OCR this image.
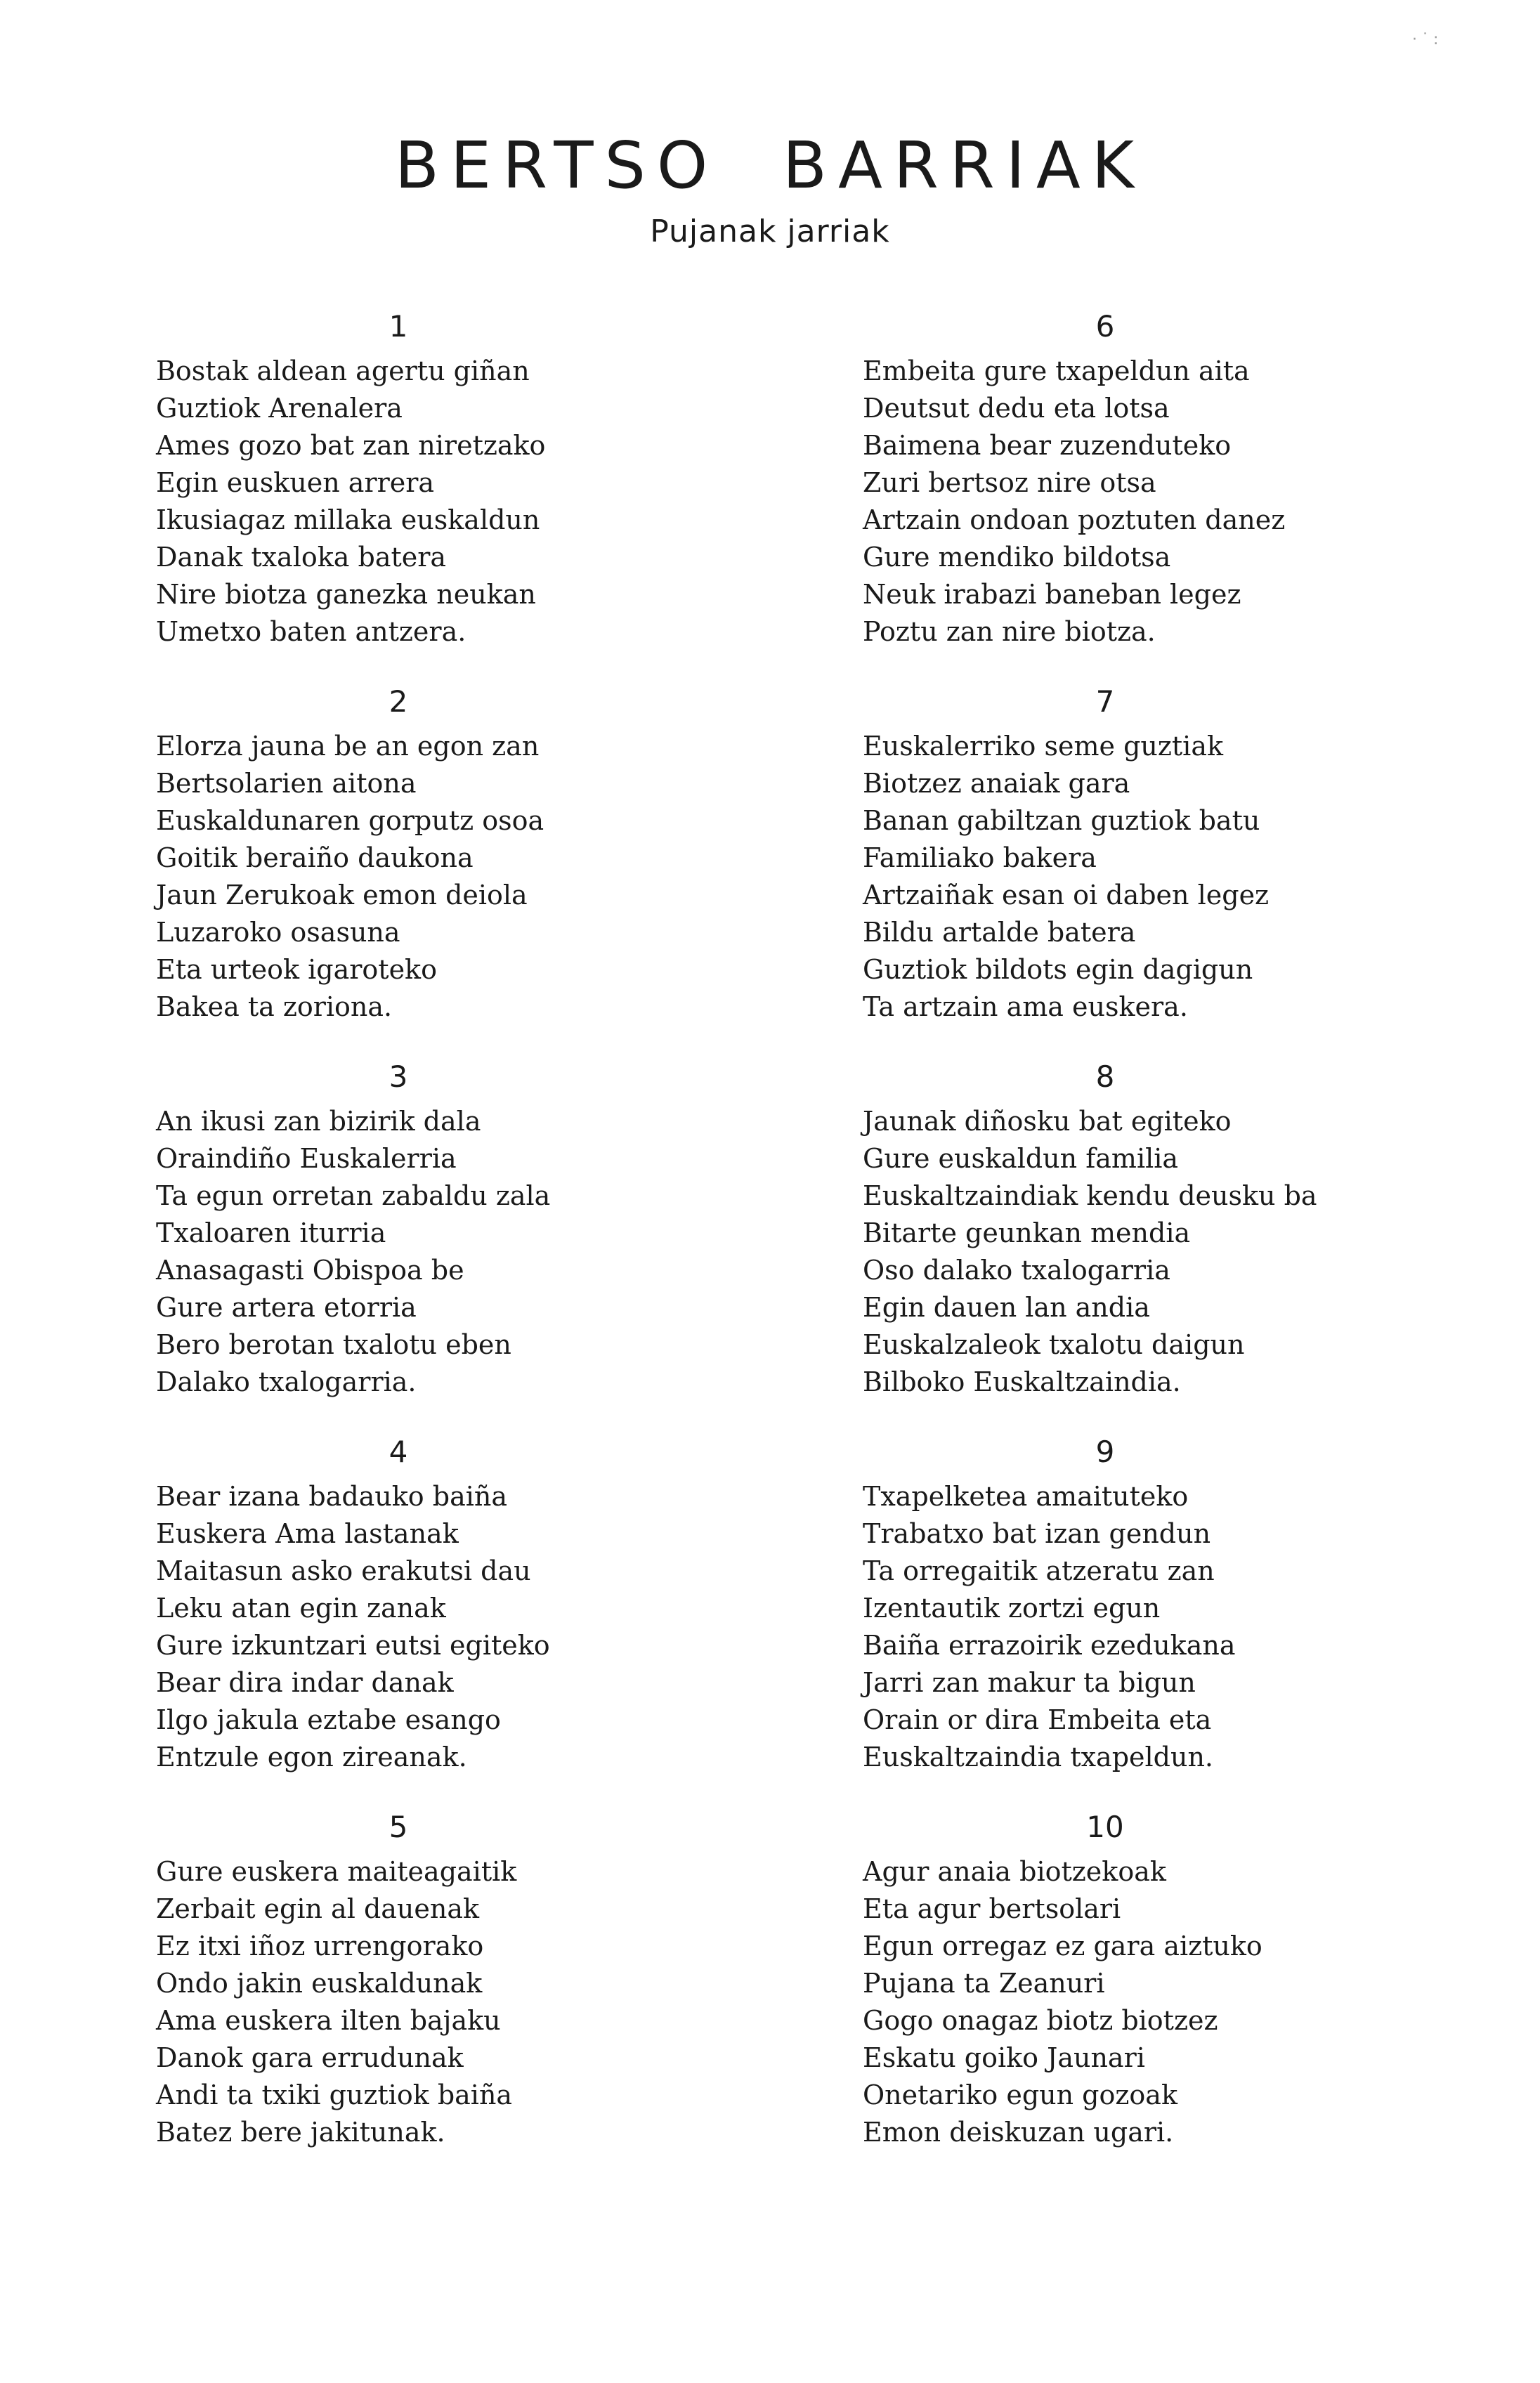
BERTSO  BARRIAK
Pujanak jarriak
·˙:
1
Bostak aldean agertu giñan
Guztiok Arenalera
Ames gozo bat zan niretzako
Egin euskuen arrera
Ikusiagaz millaka euskaldun
Danak txaloka batera
Nire biotza ganezka neukan
Umetxo baten antzera.
2
Elorza jauna be an egon zan
Bertsolarien aitona
Euskaldunaren gorputz osoa
Goitik beraiño daukona
Jaun Zerukoak emon deiola
Luzaroko osasuna
Eta urteok igaroteko
Bakea ta zoriona.
3
An ikusi zan bizirik dala
Oraindiño Euskalerria
Ta egun orretan zabaldu zala
Txaloaren iturria
Anasagasti Obispoa be
Gure artera etorria
Bero berotan txalotu eben
Dalako txalogarria.
4
Bear izana badauko baiña
Euskera Ama lastanak
Maitasun asko erakutsi dau
Leku atan egin zanak
Gure izkuntzari eutsi egiteko
Bear dira indar danak
Ilgo jakula eztabe esango
Entzule egon zireanak.
5
Gure euskera maiteagaitik
Zerbait egin al dauenak
Ez itxi iñoz urrengorako
Ondo jakin euskaldunak
Ama euskera ilten bajaku
Danok gara errudunak
Andi ta txiki guztiok baiña
Batez bere jakitunak.
6
Embeita gure txapeldun aita
Deutsut dedu eta lotsa
Baimena bear zuzenduteko
Zuri bertsoz nire otsa
Artzain ondoan poztuten danez
Gure mendiko bildotsa
Neuk irabazi baneban legez
Poztu zan nire biotza.
7
Euskalerriko seme guztiak
Biotzez anaiak gara
Banan gabiltzan guztiok batu
Familiako bakera
Artzaiñak esan oi daben legez
Bildu artalde batera
Guztiok bildots egin dagigun
Ta artzain ama euskera.
8
Jaunak diñosku bat egiteko
Gure euskaldun familia
Euskaltzaindiak kendu deusku ba
Bitarte geunkan mendia
Oso dalako txalogarria
Egin dauen lan andia
Euskalzaleok txalotu daigun
Bilboko Euskaltzaindia.
9
Txapelketea amaituteko
Trabatxo bat izan gendun
Ta orregaitik atzeratu zan
Izentautik zortzi egun
Baiña errazoirik ezedukana
Jarri zan makur ta bigun
Orain or dira Embeita eta
Euskaltzaindia txapeldun.
10
Agur anaia biotzekoak
Eta agur bertsolari
Egun orregaz ez gara aiztuko
Pujana ta Zeanuri
Gogo onagaz biotz biotzez
Eskatu goiko Jaunari
Onetariko egun gozoak
Emon deiskuzan ugari.
